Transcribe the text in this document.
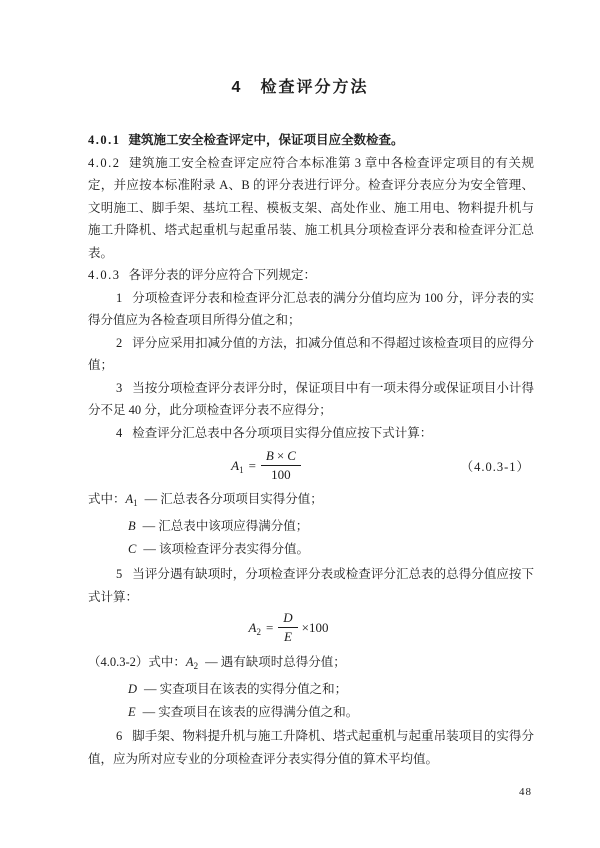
4　检查评分方法

4.0.1 建筑施工安全检查评定中，保证项目应全数检查。

4.0.2 建筑施工安全检查评定应符合本标准第 3 章中各检查评定项目的有关规定，并应按本标准附录 A、B 的评分表进行评分。检查评分表应分为安全管理、文明施工、脚手架、基坑工程、模板支架、高处作业、施工用电、物料提升机与施工升降机、塔式起重机与起重吊装、施工机具分项检查评分表和检查评分汇总表。

4.0.3 各评分表的评分应符合下列规定：

1 分项检查评分表和检查评分汇总表的满分分值均应为 100 分，评分表的实得分值应为各检查项目所得分值之和；

2 评分应采用扣减分值的方法，扣减分值总和不得超过该检查项目的应得分值；

3 当按分项检查评分表评分时，保证项目中有一项未得分或保证项目小计得分不足 40 分，此分项检查评分表不应得分；

4 检查评分汇总表中各分项项目实得分值应按下式计算：

$A_1 = \frac{B \times C}{100}$	（4.0.3-1）

式中：$A_1$ — 汇总表各分项项目实得分值；

B — 汇总表中该项应得满分值；

C — 该项检查评分表实得分值。

5 当评分遇有缺项时，分项检查评分表或检查评分汇总表的总得分值应按下式计算：

$A_2 = \frac{D}{E} \times 100$

（4.0.3-2）式中：$A_2$ — 遇有缺项时总得分值；

D — 实查项目在该表的实得分值之和；

E — 实查项目在该表的应得满分值之和。

6 脚手架、物料提升机与施工升降机、塔式起重机与起重吊装项目的实得分值，应为所对应专业的分项检查评分表实得分值的算术平均值。

48
